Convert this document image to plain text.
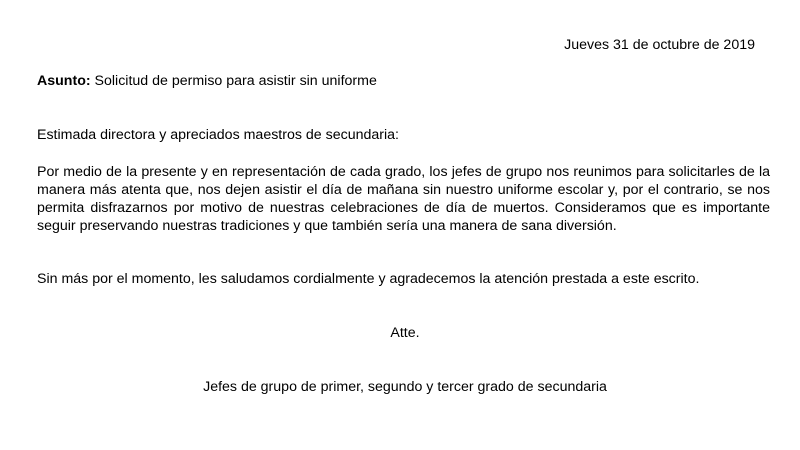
Jueves 31 de octubre de 2019
Asunto: Solicitud de permiso para asistir sin uniforme
Estimada directora y apreciados maestros de secundaria:
Por medio de la presente y en representación de cada grado, los jefes de grupo nos reunimos para solicitarles de la manera más atenta que, nos dejen asistir el día de mañana sin nuestro uniforme escolar y, por el contrario, se nos permita disfrazarnos por motivo de nuestras celebraciones de día de muertos. Consideramos que es importante seguir preservando nuestras tradiciones y que también sería una manera de sana diversión.
Sin más por el momento, les saludamos cordialmente y agradecemos la atención prestada a este escrito.
Atte.
Jefes de grupo de primer, segundo y tercer grado de secundaria
